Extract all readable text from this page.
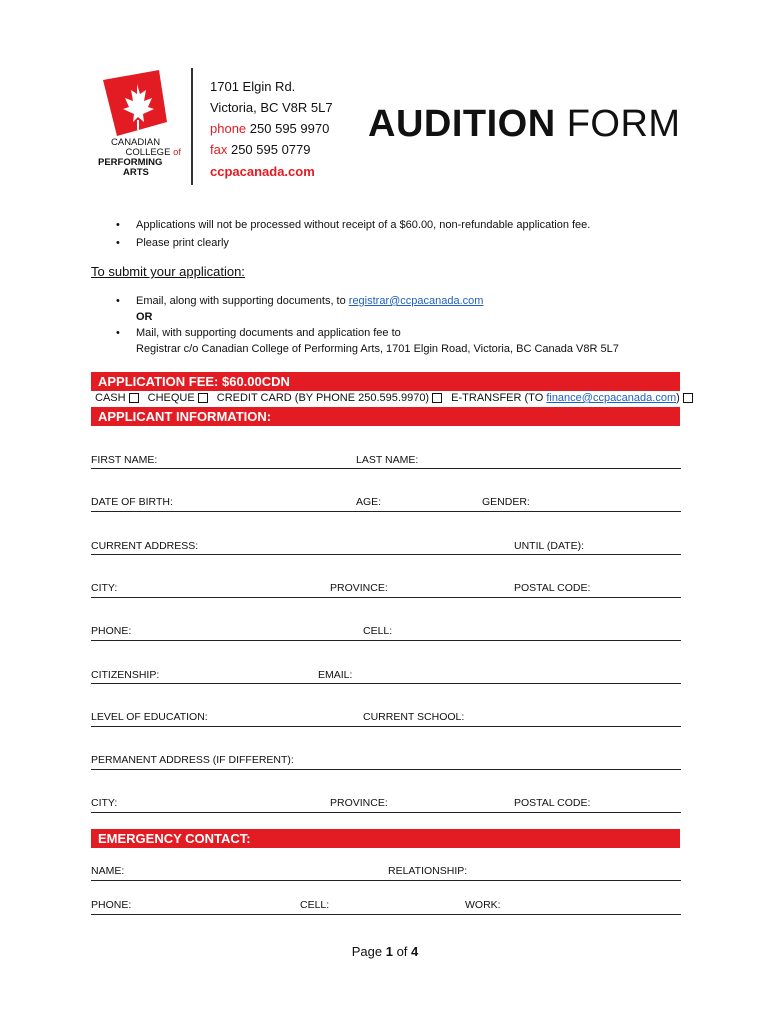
CANADIAN
COLLEGE of
PERFORMING
ARTS
1701 Elgin Rd.
Victoria, BC V8R 5L7
phone 250 595 9970
fax 250 595 0779
ccpacanada.com
AUDITION FORM
• Applications will not be processed without receipt of a $60.00, non-refundable application fee.
• Please print clearly
To submit your application:
• Email, along with supporting documents, to registrar@ccpacanada.com
OR
• Mail, with supporting documents and application fee to
Registrar c/o Canadian College of Performing Arts, 1701 Elgin Road, Victoria, BC Canada V8R 5L7
APPLICATION FEE: $60.00CDN
CASH CHEQUE CREDIT CARD (BY PHONE 250.595.9970) E-TRANSFER (TO finance@ccpacanada.com)
APPLICANT INFORMATION:
FIRST NAME:	LAST NAME:
DATE OF BIRTH:	AGE:	GENDER:
CURRENT ADDRESS:	UNTIL (DATE):
CITY:	PROVINCE:	POSTAL CODE:
PHONE:	CELL:
CITIZENSHIP:	EMAIL:
LEVEL OF EDUCATION:	CURRENT SCHOOL:
PERMANENT ADDRESS (IF DIFFERENT):
CITY:	PROVINCE:	POSTAL CODE:
EMERGENCY CONTACT:
NAME:	RELATIONSHIP:
PHONE:	CELL:	WORK:
Page 1 of 4
